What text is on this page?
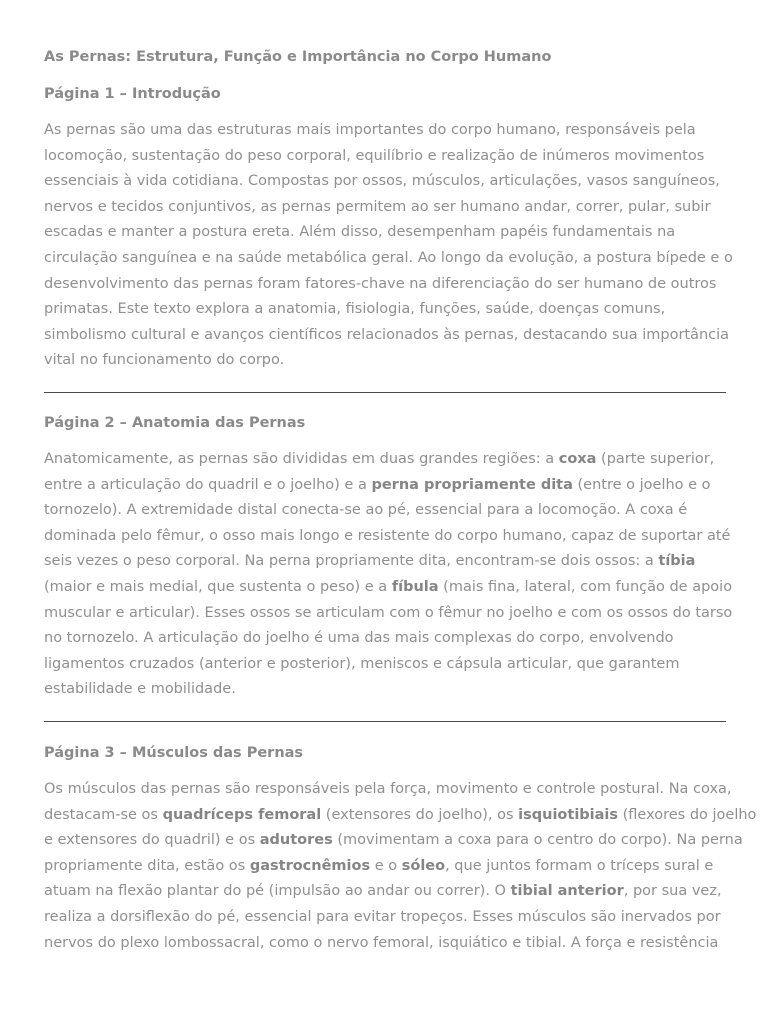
As Pernas: Estrutura, Função e Importância no Corpo Humano
Página 1 – Introdução

As pernas são uma das estruturas mais importantes do corpo humano, responsáveis pela
locomoção, sustentação do peso corporal, equilíbrio e realização de inúmeros movimentos
essenciais à vida cotidiana. Compostas por ossos, músculos, articulações, vasos sanguíneos,
nervos e tecidos conjuntivos, as pernas permitem ao ser humano andar, correr, pular, subir
escadas e manter a postura ereta. Além disso, desempenham papéis fundamentais na
circulação sanguínea e na saúde metabólica geral. Ao longo da evolução, a postura bípede e o
desenvolvimento das pernas foram fatores-chave na diferenciação do ser humano de outros
primatas. Este texto explora a anatomia, fisiologia, funções, saúde, doenças comuns,
simbolismo cultural e avanços científicos relacionados às pernas, destacando sua importância
vital no funcionamento do corpo.

Página 2 – Anatomia das Pernas

Anatomicamente, as pernas são divididas em duas grandes regiões: a coxa (parte superior,
entre a articulação do quadril e o joelho) e a perna propriamente dita (entre o joelho e o
tornozelo). A extremidade distal conecta-se ao pé, essencial para a locomoção. A coxa é
dominada pelo fêmur, o osso mais longo e resistente do corpo humano, capaz de suportar até
seis vezes o peso corporal. Na perna propriamente dita, encontram-se dois ossos: a tíbia
(maior e mais medial, que sustenta o peso) e a fíbula (mais fina, lateral, com função de apoio
muscular e articular). Esses ossos se articulam com o fêmur no joelho e com os ossos do tarso
no tornozelo. A articulação do joelho é uma das mais complexas do corpo, envolvendo
ligamentos cruzados (anterior e posterior), meniscos e cápsula articular, que garantem
estabilidade e mobilidade.

Página 3 – Músculos das Pernas

Os músculos das pernas são responsáveis pela força, movimento e controle postural. Na coxa,
destacam-se os quadríceps femoral (extensores do joelho), os isquiotibiais (flexores do joelho
e extensores do quadril) e os adutores (movimentam a coxa para o centro do corpo). Na perna
propriamente dita, estão os gastrocnêmios e o sóleo, que juntos formam o tríceps sural e
atuam na flexão plantar do pé (impulsão ao andar ou correr). O tibial anterior, por sua vez,
realiza a dorsiflexão do pé, essencial para evitar tropeços. Esses músculos são inervados por
nervos do plexo lombossacral, como o nervo femoral, isquiático e tibial. A força e resistência
